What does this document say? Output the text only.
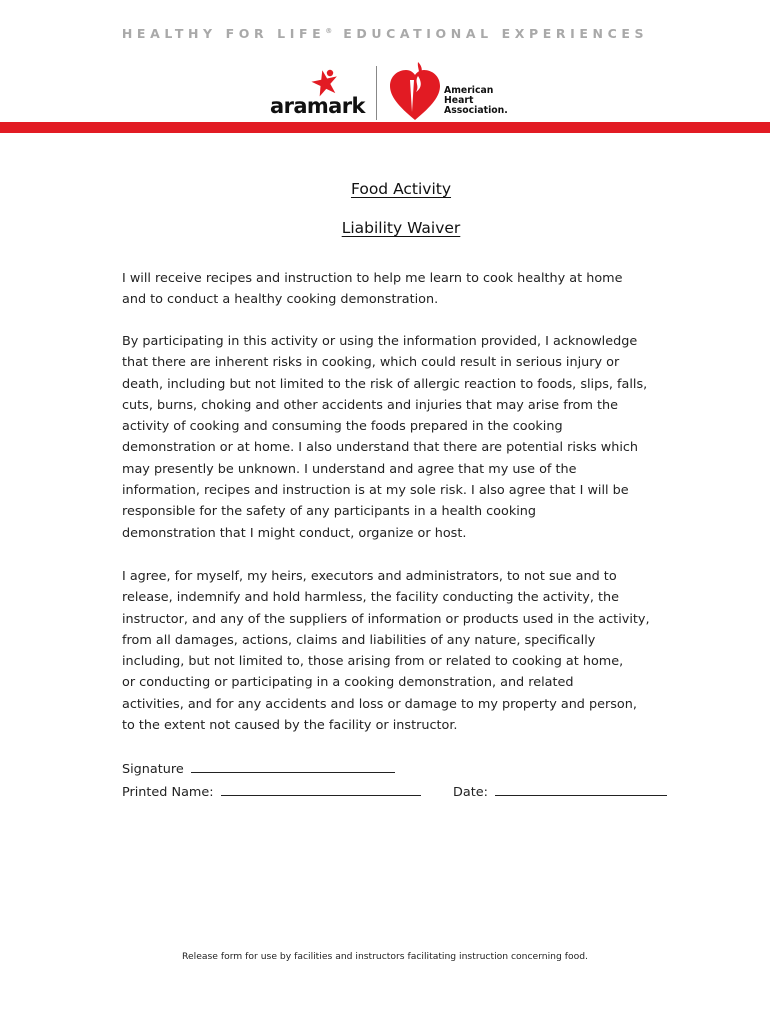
HEALTHY FOR LIFE® EDUCATIONAL EXPERIENCES
aramark
American
Heart
Association.
Food Activity
Liability Waiver
I will receive recipes and instruction to help me learn to cook healthy at home
and to conduct a healthy cooking demonstration.
By participating in this activity or using the information provided, I acknowledge
that there are inherent risks in cooking, which could result in serious injury or
death, including but not limited to the risk of allergic reaction to foods, slips, falls,
cuts, burns, choking and other accidents and injuries that may arise from the
activity of cooking and consuming the foods prepared in the cooking
demonstration or at home. I also understand that there are potential risks which
may presently be unknown. I understand and agree that my use of the
information, recipes and instruction is at my sole risk. I also agree that I will be
responsible for the safety of any participants in a health cooking
demonstration that I might conduct, organize or host.
I agree, for myself, my heirs, executors and administrators, to not sue and to
release, indemnify and hold harmless, the facility conducting the activity, the
instructor, and any of the suppliers of information or products used in the activity,
from all damages, actions, claims and liabilities of any nature, specifically
including, but not limited to, those arising from or related to cooking at home,
or conducting or participating in a cooking demonstration, and related
activities, and for any accidents and loss or damage to my property and person,
to the extent not caused by the facility or instructor.
Signature
Printed Name:	Date:
Release form for use by facilities and instructors facilitating instruction concerning food.
